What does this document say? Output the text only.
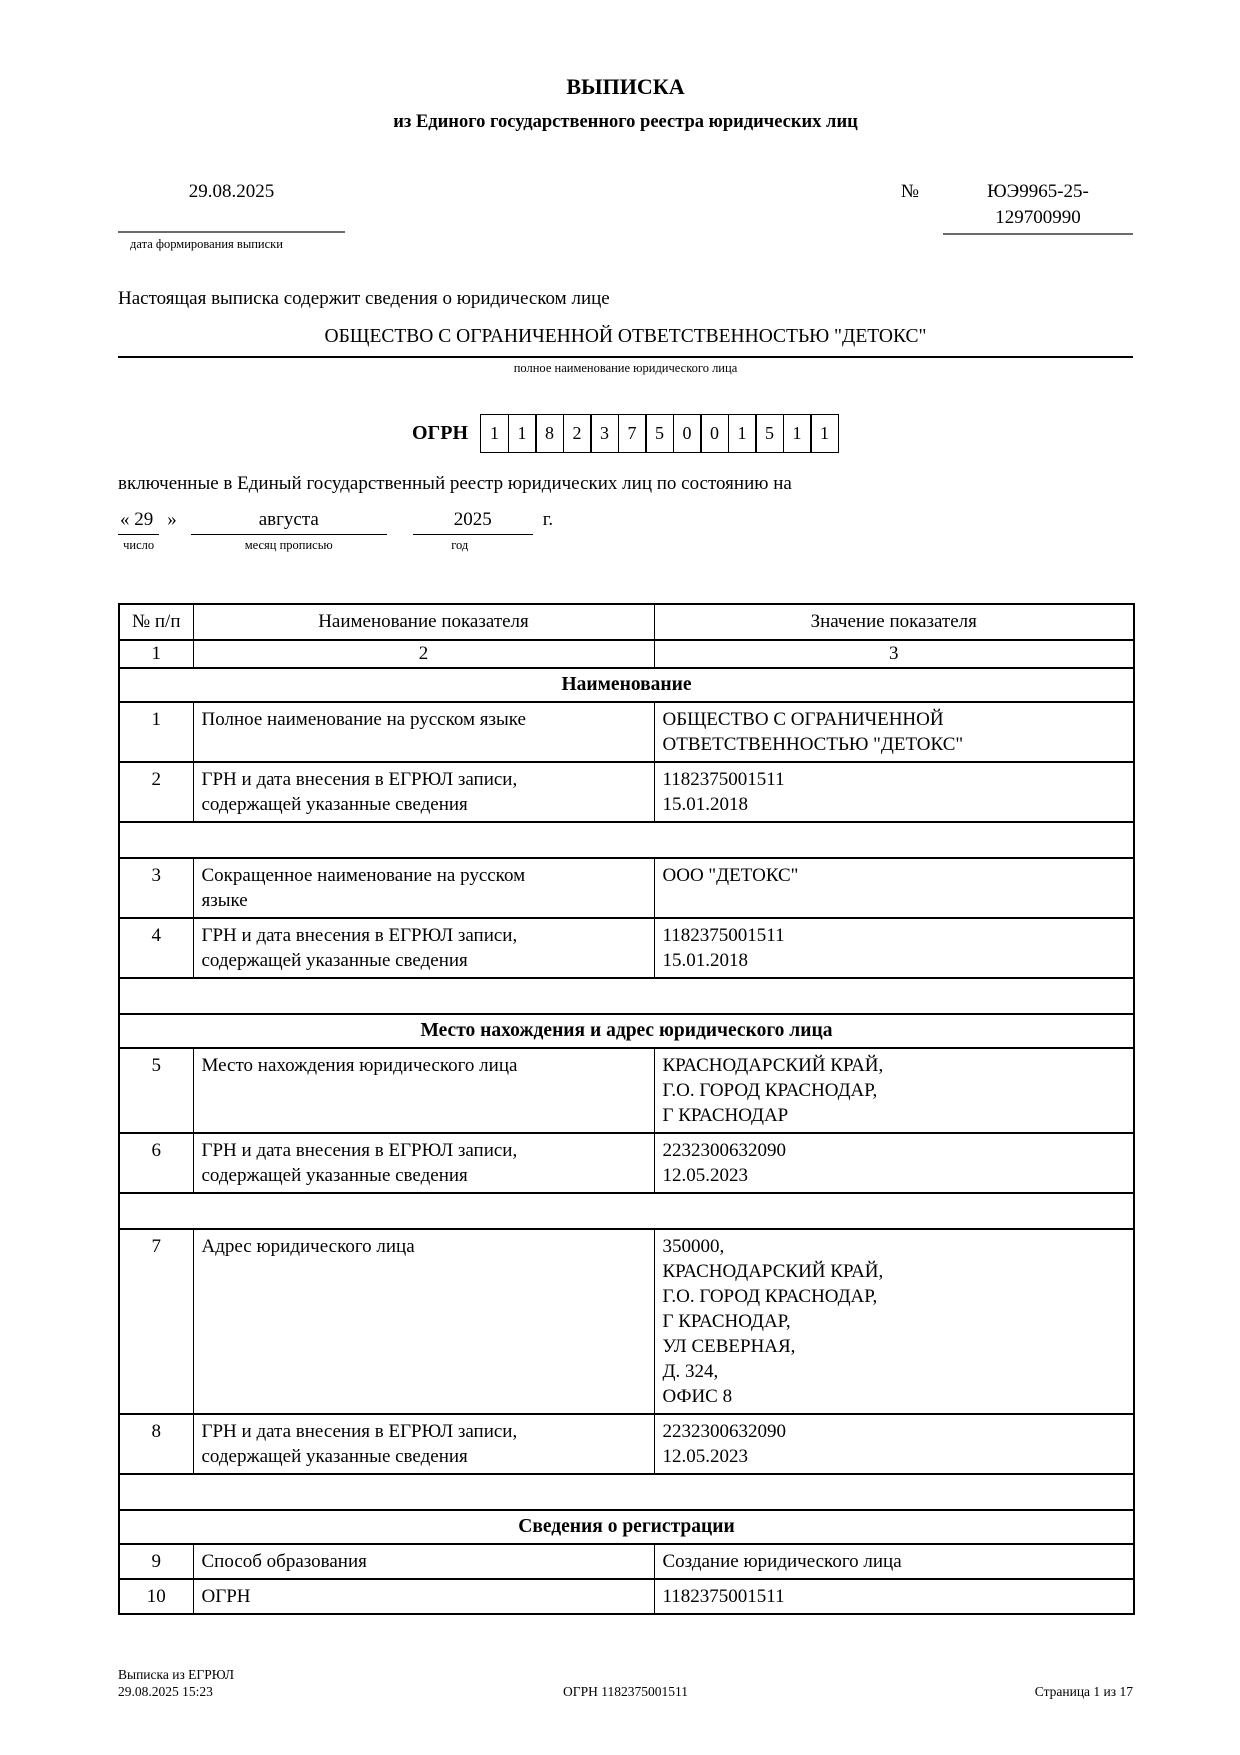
ВЫПИСКА
из Единого государственного реестра юридических лиц
29.08.2025
дата формирования выписки
№	ЮЭ9965-25-
129700990
Настоящая выписка содержит сведения о юридическом лице
ОБЩЕСТВО С ОГРАНИЧЕННОЙ ОТВЕТСТВЕННОСТЬЮ "ДЕТОКС"
полное наименование юридического лица
ОГРН	1	1	8	2	3	7	5	0	0	1	5	1	1
включенные в Единый государственный реестр юридических лиц по состоянию на
« 29
число
»	августа
месяц прописью
2025
год
г.
№ п/п	Наименование показателя	Значение показателя
1	2	3
Наименование		
1	Полное наименование на русском языке	ОБЩЕСТВО С ОГРАНИЧЕННОЙ
ОТВЕТСТВЕННОСТЬЮ "ДЕТОКС"
2	ГРН и дата внесения в ЕГРЮЛ записи,
содержащей указанные сведения	1182375001511
15.01.2018

3	Сокращенное наименование на русском
языке	ООО "ДЕТОКС"
4	ГРН и дата внесения в ЕГРЮЛ записи,
содержащей указанные сведения	1182375001511
15.01.2018

Место нахождения и адрес юридического лица		
5	Место нахождения юридического лица	КРАСНОДАРСКИЙ КРАЙ,
Г.О. ГОРОД КРАСНОДАР,
Г КРАСНОДАР
6	ГРН и дата внесения в ЕГРЮЛ записи,
содержащей указанные сведения	2232300632090
12.05.2023

7	Адрес юридического лица	350000,
КРАСНОДАРСКИЙ КРАЙ,
Г.О. ГОРОД КРАСНОДАР,
Г КРАСНОДАР,
УЛ СЕВЕРНАЯ,
Д. 324,
ОФИС 8
8	ГРН и дата внесения в ЕГРЮЛ записи,
содержащей указанные сведения	2232300632090
12.05.2023

Сведения о регистрации		
9	Способ образования	Создание юридического лица
10	ОГРН	1182375001511
Выписка из ЕГРЮЛ
29.08.2025 15:23	ОГРН 1182375001511	Страница 1 из 17
